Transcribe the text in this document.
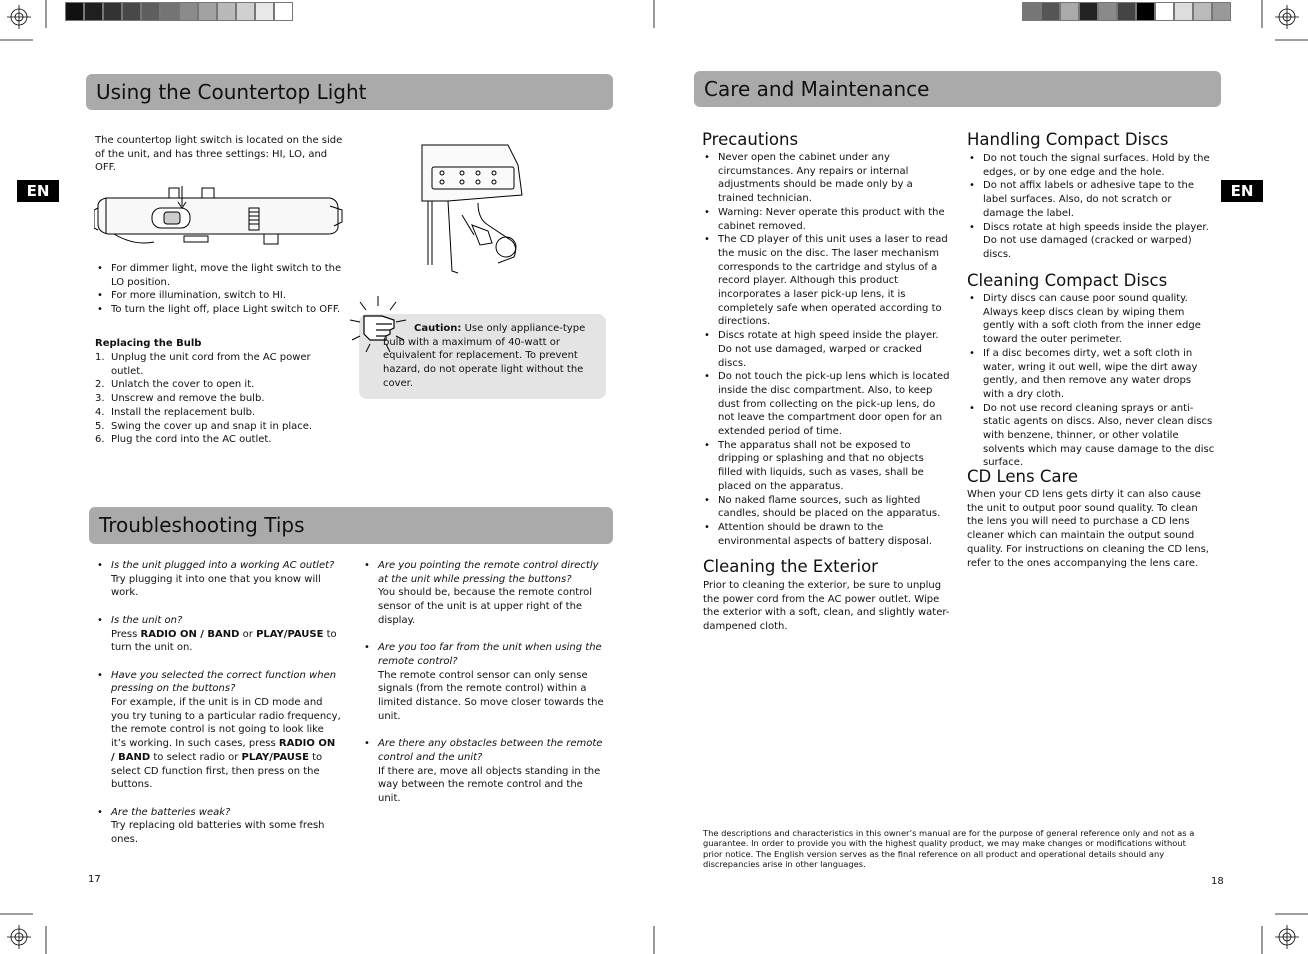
EN
Using the Countertop Light
The countertop light switch is located on the side of the unit, and has three settings: HI, LO, and OFF.
• For dimmer light, move the light switch to the LO position.
• For more illumination, switch to HI.
• To turn the light off, place Light switch to OFF.
Replacing the Bulb
1. Unplug the unit cord from the AC power outlet.
2. Unlatch the cover to open it.
3. Unscrew and remove the bulb.
4. Install the replacement bulb.
5. Swing the cover up and snap it in place.
6. Plug the cord into the AC outlet.
Caution: Use only appliance-type bulb with a maximum of 40-watt or equivalent for replacement. To prevent hazard, do not operate light without the cover.
Troubleshooting Tips
• Is the unit plugged into a working AC outlet?
Try plugging it into one that you know will work.
• Is the unit on?
Press RADIO ON / BAND or PLAY/PAUSE to turn the unit on.
• Have you selected the correct function when pressing on the buttons?
For example, if the unit is in CD mode and you try tuning to a particular radio frequency, the remote control is not going to look like it’s working. In such cases, press RADIO ON / BAND to select radio or PLAY/PAUSE to select CD function first, then press on the buttons.
• Are the batteries weak?
Try replacing old batteries with some fresh ones.
• Are you pointing the remote control directly at the unit while pressing the buttons?
You should be, because the remote control sensor of the unit is at upper right of the display.
• Are you too far from the unit when using the remote control?
The remote control sensor can only sense signals (from the remote control) within a limited distance. So move closer towards the unit.
• Are there any obstacles between the remote control and the unit?
If there are, move all objects standing in the way between the remote control and the unit.
17
EN
Care and Maintenance
Precautions
• Never open the cabinet under any circumstances. Any repairs or internal adjustments should be made only by a trained technician.
• Warning: Never operate this product with the cabinet removed.
• The CD player of this unit uses a laser to read the music on the disc. The laser mechanism corresponds to the cartridge and stylus of a record player. Although this product incorporates a laser pick-up lens, it is completely safe when operated according to directions.
• Discs rotate at high speed inside the player. Do not use damaged, warped or cracked discs.
• Do not touch the pick-up lens which is located inside the disc compartment. Also, to keep dust from collecting on the pick-up lens, do not leave the compartment door open for an extended period of time.
• The apparatus shall not be exposed to dripping or splashing and that no objects filled with liquids, such as vases, shall be placed on the apparatus.
• No naked flame sources, such as lighted candles, should be placed on the apparatus.
• Attention should be drawn to the environmental aspects of battery disposal.
Cleaning the Exterior
Prior to cleaning the exterior, be sure to unplug the power cord from the AC power outlet. Wipe the exterior with a soft, clean, and slightly water-dampened cloth.
Handling Compact Discs
• Do not touch the signal surfaces. Hold by the edges, or by one edge and the hole.
• Do not affix labels or adhesive tape to the label surfaces. Also, do not scratch or damage the label.
• Discs rotate at high speeds inside the player. Do not use damaged (cracked or warped) discs.
Cleaning Compact Discs
• Dirty discs can cause poor sound quality. Always keep discs clean by wiping them gently with a soft cloth from the inner edge toward the outer perimeter.
• If a disc becomes dirty, wet a soft cloth in water, wring it out well, wipe the dirt away gently, and then remove any water drops with a dry cloth.
• Do not use record cleaning sprays or anti-static agents on discs. Also, never clean discs with benzene, thinner, or other volatile solvents which may cause damage to the disc surface.
CD Lens Care
When your CD lens gets dirty it can also cause the unit to output poor sound quality. To clean the lens you will need to purchase a CD lens cleaner which can maintain the output sound quality. For instructions on cleaning the CD lens, refer to the ones accompanying the lens care.
The descriptions and characteristics in this owner’s manual are for the purpose of general reference only and not as a guarantee. In order to provide you with the highest quality product, we may make changes or modifications without prior notice. The English version serves as the final reference on all product and operational details should any discrepancies arise in other languages.
18
